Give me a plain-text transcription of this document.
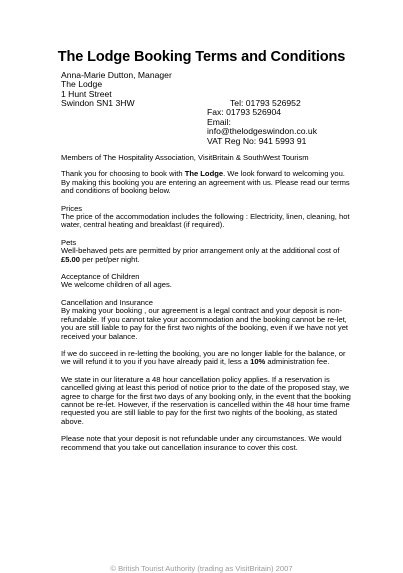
The Lodge Booking Terms and Conditions
Anna-Marie Dutton, Manager
The Lodge
1 Hunt Street
Swindon SN1 3HW	Tel: 01793 526952
Fax: 01793 526904
Email:
info@thelodgeswindon.co.uk
VAT Reg No: 941 5993 91

Members of The Hospitality Association, VisitBritain & SouthWest Tourism

Thank you for choosing to book with The Lodge. We look forward to welcoming you. By making this booking you are entering an agreement with us. Please read our terms and conditions of booking below.

Prices

The price of the accommodation includes the following : Electricity, linen, cleaning, hot water, central heating and breakfast (if required).

Pets

Well-behaved pets are permitted by prior arrangement only at the additional cost of £5.00 per pet/per night.

Acceptance of Children

We welcome children of all ages.

Cancellation and Insurance

By making your booking , our agreement is a legal contract and your deposit is non-refundable. If you cannot take your accommodation and the booking cannot be re-let, you are still liable to pay for the first two nights of the booking, even if we have not yet received your balance.

If we do succeed in re-letting the booking, you are no longer liable for the balance, or we will refund it to you if you have already paid it, less a 10% administration fee.

We state in our literature a 48 hour cancellation policy applies. If a reservation is cancelled giving at least this period of notice prior to the date of the proposed stay, we agree to charge for the first two days of any booking only, in the event that the booking cannot be re-let. However, if the reservation is cancelled within the 48 hour time frame requested you are still liable to pay for the first two nights of the booking, as stated above.

Please note that your deposit is not refundable under any circumstances. We would recommend that you take out cancellation insurance to cover this cost.

© British Tourist Authority (trading as VisitBritain) 2007
